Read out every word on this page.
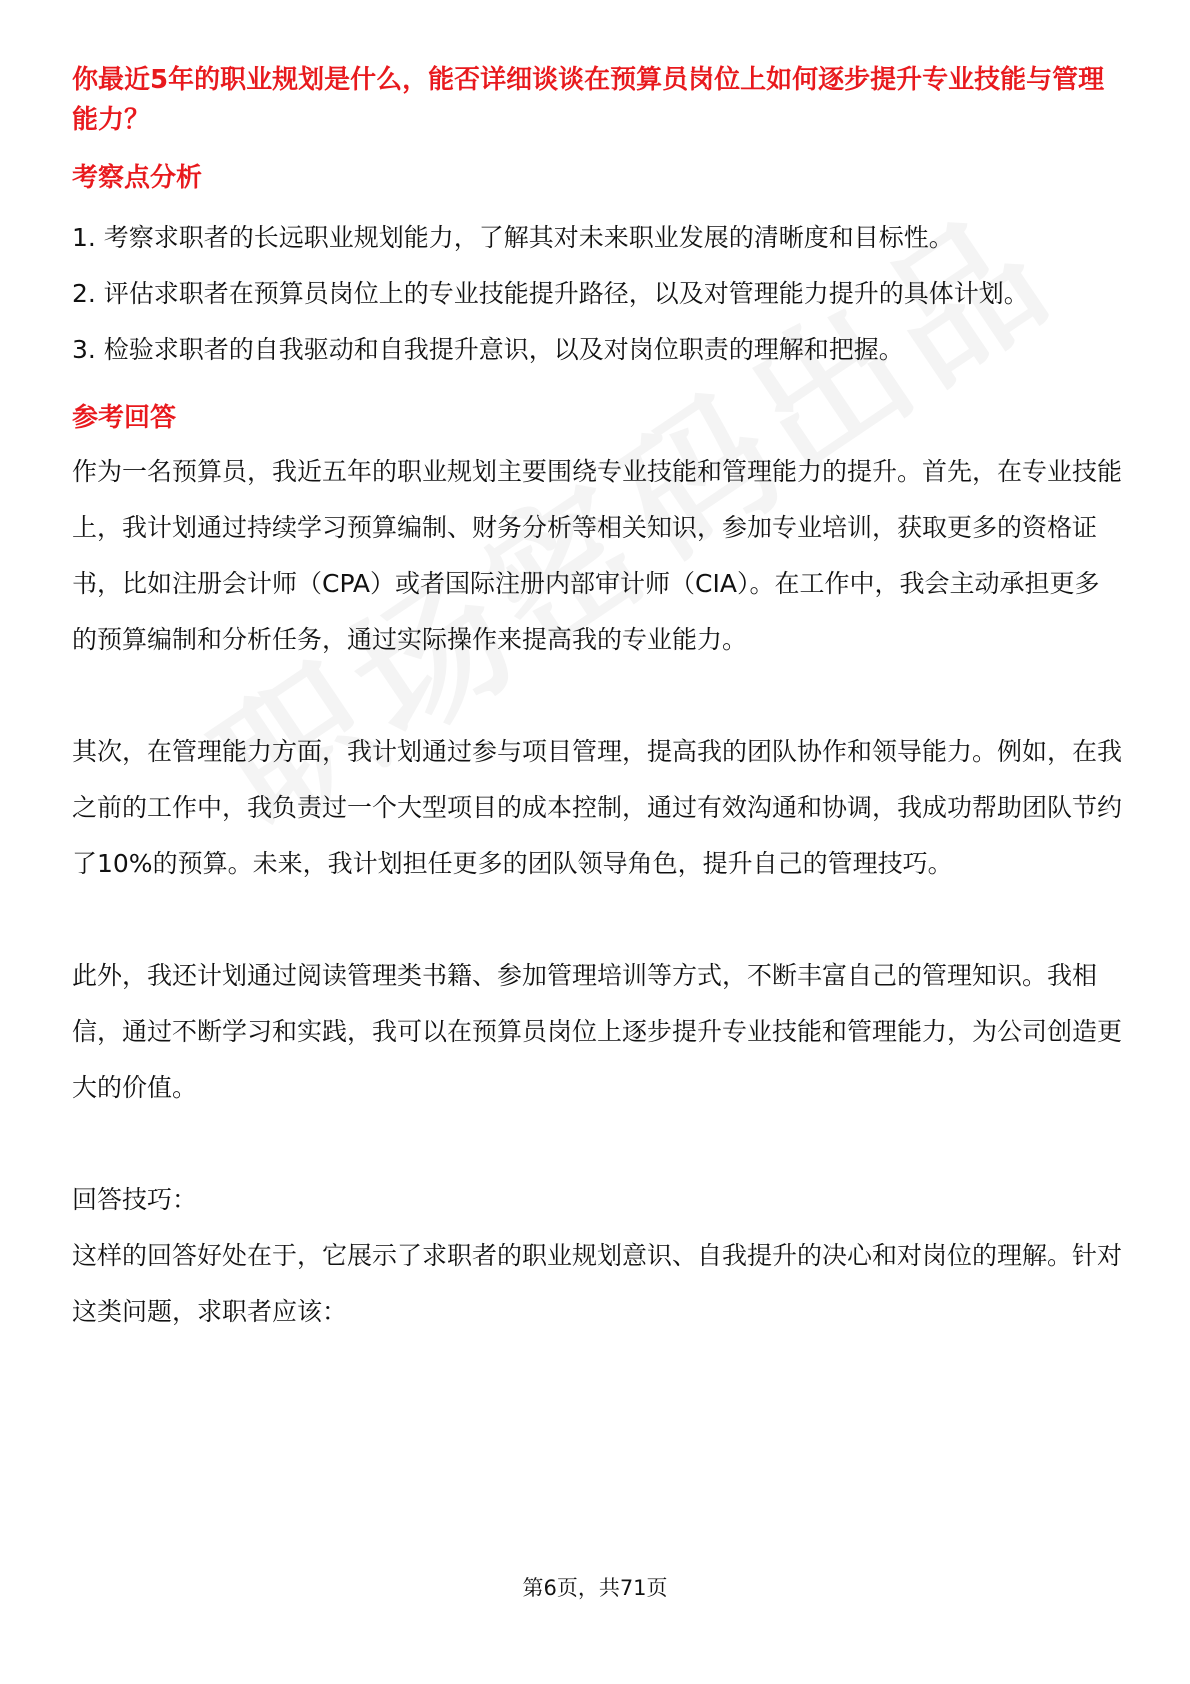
你最近5年的职业规划是什么，能否详细谈谈在预算员岗位上如何逐步提升专业技能与管理能力？

考察点分析

1. 考察求职者的长远职业规划能力，了解其对未来职业发展的清晰度和目标性。
2. 评估求职者在预算员岗位上的专业技能提升路径，以及对管理能力提升的具体计划。
3. 检验求职者的自我驱动和自我提升意识，以及对岗位职责的理解和把握。

参考回答

作为一名预算员，我近五年的职业规划主要围绕专业技能和管理能力的提升。首先，在专业技能上，我计划通过持续学习预算编制、财务分析等相关知识，参加专业培训，获取更多的资格证书，比如注册会计师（CPA）或者国际注册内部审计师（CIA）。在工作中，我会主动承担更多的预算编制和分析任务，通过实际操作来提高我的专业能力。

其次，在管理能力方面，我计划通过参与项目管理，提高我的团队协作和领导能力。例如，在我之前的工作中，我负责过一个大型项目的成本控制，通过有效沟通和协调，我成功帮助团队节约了10%的预算。未来，我计划担任更多的团队领导角色，提升自己的管理技巧。

此外，我还计划通过阅读管理类书籍、参加管理培训等方式，不断丰富自己的管理知识。我相信，通过不断学习和实践，我可以在预算员岗位上逐步提升专业技能和管理能力，为公司创造更大的价值。

回答技巧：

这样的回答好处在于，它展示了求职者的职业规划意识、自我提升的决心和对岗位的理解。针对这类问题，求职者应该：

第6页，共71页
